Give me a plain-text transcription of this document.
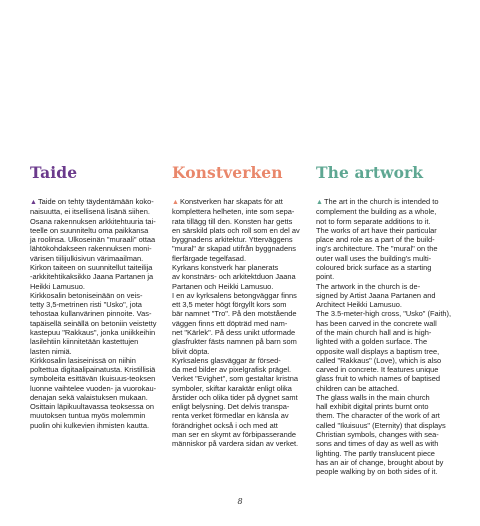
Taide

▲Taide on tehty täydentämään koko-
naisuutta, ei itsellisenä lisänä siihen.
Osana rakennuksen arkkitehtuuria tai-
teelle on suunniteltu oma paikkansa
ja roolinsa. Ulkoseinän "muraali" ottaa
lähtökohdakseen rakennuksen moni-
värisen tiilijulkisivun värimaailman.
Kirkon taiteen on suunnitellut taiteilija
-arkkitehtikaksikko Jaana Partanen ja
Heikki Lamusuo.

Kirkkosalin betoniseinään on veis-
tetty 3,5-metrinen risti "Usko", jota
tehostaa kullanvärinen pinnoite. Vas-
tapäisellä seinällä on betoniin veistetty
kastepuu "Rakkaus", jonka uniikkeihin
lasilehtiin kiinnitetään kastettujen
lasten nimiä.

Kirkkosalin lasiseinissä on niihin
poltettua digitaalipainatusta. Kristillisiä
symboleita esittävän Ikuisuus-teoksen
luonne vaihtelee vuoden- ja vuorokau-
denajan sekä valaistuksen mukaan.
Osittain läpikuultavassa teoksessa on
muutoksen tuntua myös molemmin
puolin ohi kulkevien ihmisten kautta.

Konstverken

▲Konstverken har skapats för att
komplettera helheten, inte som sepa-
rata tillägg till den. Konsten har getts
en särskild plats och roll som en del av
byggnadens arkitektur. Ytterväggens
"mural" är skapad utifrån byggnadens
flerfärgade tegelfasad.

Kyrkans konstverk har planerats
av konstnärs- och arkitektduon Jaana
Partanen och Heikki Lamusuo.
I en av kyrksalens betongväggar finns
ett 3,5 meter högt förgyllt kors som
bär namnet "Tro". På den motstående
väggen finns ett döpträd med nam-
net "Kärlek". På dess unikt utformade
glasfrukter fästs namnen på barn som
blivit döpta.

Kyrksalens glasväggar är försed-
da med bilder av pixelgrafisk prägel.
Verket "Evighet", som gestaltar kristna
symboler, skiftar karaktär enligt olika
årstider och olika tider på dygnet samt
enligt belysning. Det delvis transpa-
renta verket förmedlar en känsla av
förändrighet också i och med att
man ser en skymt av förbipasserande
människor på vardera sidan av verket.

The artwork

▲The art in the church is intended to
complement the building as a whole,
not to form separate additions to it.
The works of art have their particular
place and role as a part of the build-
ing's architecture. The "mural" on the
outer wall uses the building's multi-
coloured brick surface as a starting
point.

The artwork in the church is de-
signed by Artist Jaana Partanen and
Architect Heikki Lamusuo.
The 3.5-meter-high cross, "Usko" (Faith),
has been carved in the concrete wall
of the main church hall and is high-
lighted with a golden surface. The
opposite wall displays a baptism tree,
called "Rakkaus" (Love), which is also
carved in concrete. It features unique
glass fruit to which names of baptised
children can be attached.

The glass walls in the main church
hall exhibit digital prints burnt onto
them. The character of the work of art
called "Ikuisuus" (Eternity) that displays
Christian symbols, changes with sea-
sons and times of day as well as with
lighting. The partly translucent piece
has an air of change, brought about by
people walking by on both sides of it.

8
